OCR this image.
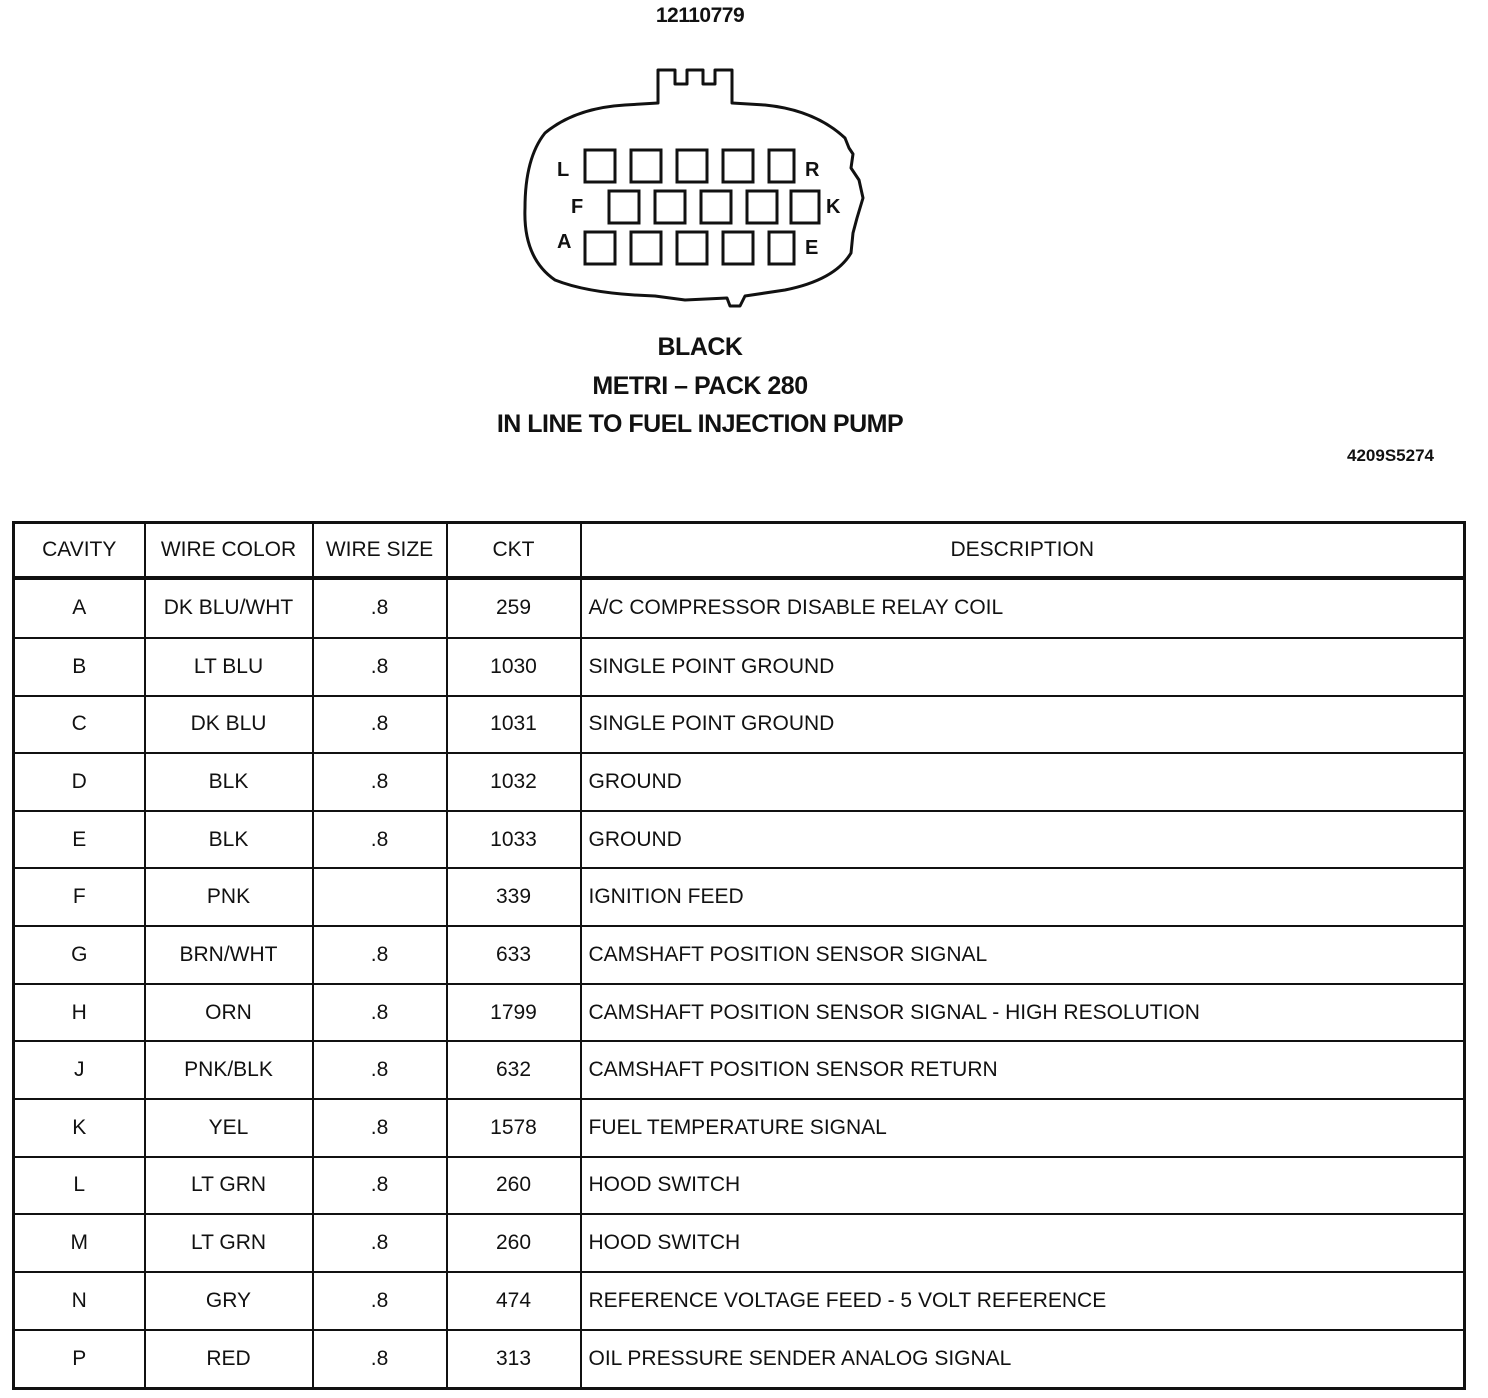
12110779
L	R
F	K
A	E
BLACK
METRI – PACK 280
IN LINE TO FUEL INJECTION PUMP
4209S5274
CAVITY	WIRE COLOR	WIRE SIZE	CKT	DESCRIPTION
A	DK BLU/WHT	.8	259	A/C COMPRESSOR DISABLE RELAY COIL
B	LT BLU	.8	1030	SINGLE POINT GROUND
C	DK BLU	.8	1031	SINGLE POINT GROUND
D	BLK	.8	1032	GROUND
E	BLK	.8	1033	GROUND
F	PNK		339	IGNITION FEED
G	BRN/WHT	.8	633	CAMSHAFT POSITION SENSOR SIGNAL
H	ORN	.8	1799	CAMSHAFT POSITION SENSOR SIGNAL - HIGH RESOLUTION
J	PNK/BLK	.8	632	CAMSHAFT POSITION SENSOR RETURN
K	YEL	.8	1578	FUEL TEMPERATURE SIGNAL
L	LT GRN	.8	260	HOOD SWITCH
M	LT GRN	.8	260	HOOD SWITCH
N	GRY	.8	474	REFERENCE VOLTAGE FEED - 5 VOLT REFERENCE
P	RED	.8	313	OIL PRESSURE SENDER ANALOG SIGNAL
